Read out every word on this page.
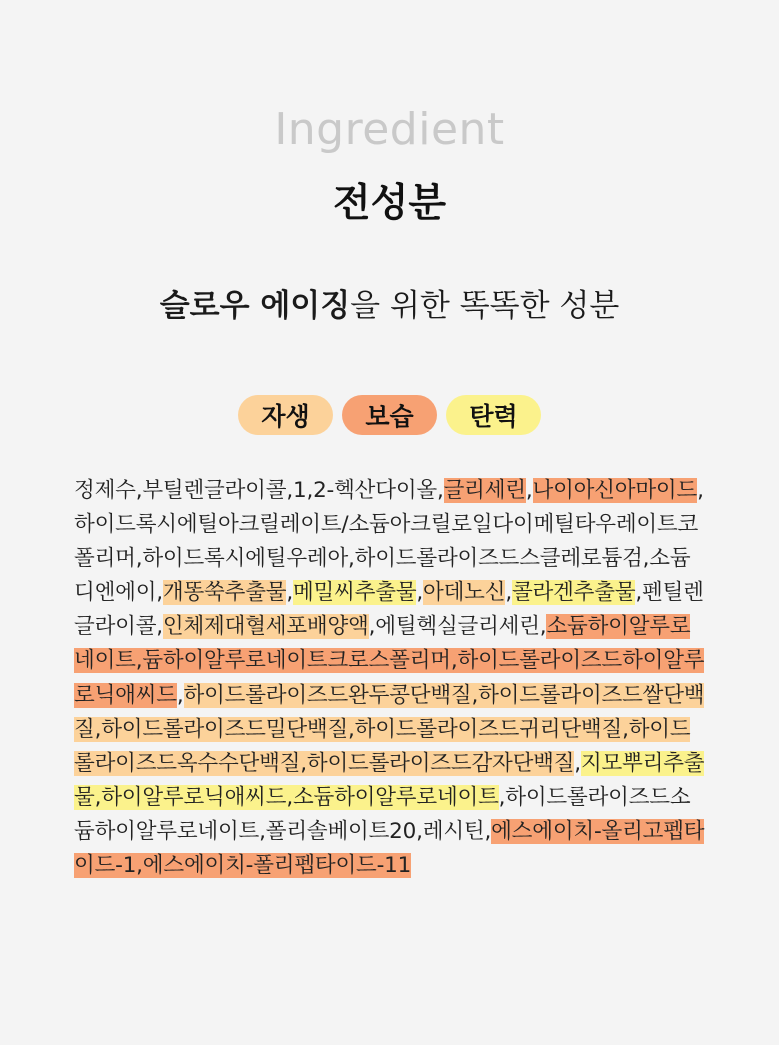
Ingredient
전성분
슬로우 에이징을 위한 똑똑한 성분
자생	보습	탄력
정제수,부틸렌글라이콜,1,2-헥산다이올,글리세린,나이아신아마이드,하이드록시에틸아크릴레이트/소듐아크릴로일다이메틸타우레이트코폴리머,하이드록시에틸우레아,하이드롤라이즈드스클레로튬검,소듐디엔에이,개똥쑥추출물,메밀씨추출물,아데노신,콜라겐추출물,펜틸렌글라이콜,인체제대혈세포배양액,에틸헥실글리세린,소듐하이알루로네이트,듐하이알루로네이트크로스폴리머,하이드롤라이즈드하이알루로닉애씨드,하이드롤라이즈드완두콩단백질,하이드롤라이즈드쌀단백질,하이드롤라이즈드밀단백질,하이드롤라이즈드귀리단백질,하이드롤라이즈드옥수수단백질,하이드롤라이즈드감자단백질,지모뿌리추출물,하이알루로닉애씨드,소듐하이알루로네이트,하이드롤라이즈드소듐하이알루로네이트,폴리솔베이트20,레시틴,에스에이치-올리고펩타이드-1,에스에이치-폴리펩타이드-11
